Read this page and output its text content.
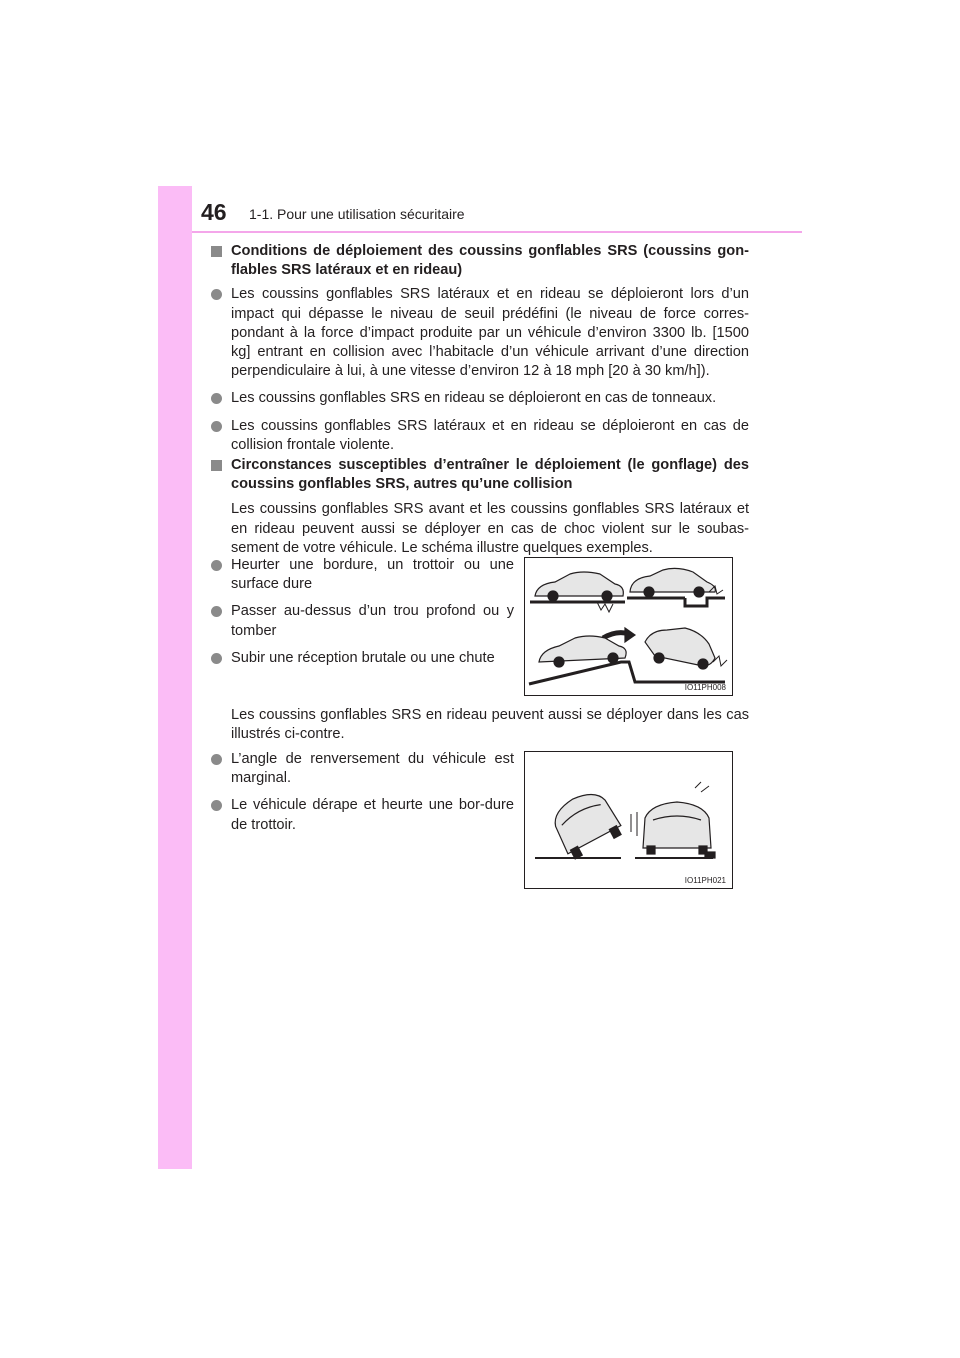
46 1-1. Pour une utilisation sécuritaire
Conditions de déploiement des coussins gonflables SRS (coussins gon-flables SRS latéraux et en rideau)
Les coussins gonflables SRS latéraux et en rideau se déploieront lors d’un impact qui dépasse le niveau de seuil prédéfini (le niveau de force corres-pondant à la force d’impact produite par un véhicule d’environ 3300 lb. [1500 kg] entrant en collision avec l’habitacle d’un véhicule arrivant d’une direction perpendiculaire à lui, à une vitesse d’environ 12 à 18 mph [20 à 30 km/h]).
Les coussins gonflables SRS en rideau se déploieront en cas de tonneaux.
Les coussins gonflables SRS latéraux et en rideau se déploieront en cas de collision frontale violente.
Circonstances susceptibles d’entraîner le déploiement (le gonflage) des coussins gonflables SRS, autres qu’une collision
Les coussins gonflables SRS avant et les coussins gonflables SRS latéraux et en rideau peuvent aussi se déployer en cas de choc violent sur le soubas-sement de votre véhicule. Le schéma illustre quelques exemples.
Heurter une bordure, un trottoir ou une surface dure
Passer au-dessus d’un trou profond ou y tomber
Subir une réception brutale ou une chute
IO11PH008
Les coussins gonflables SRS en rideau peuvent aussi se déployer dans les cas illustrés ci-contre.
L’angle de renversement du véhicule est marginal.
Le véhicule dérape et heurte une bor-dure de trottoir.
IO11PH021
